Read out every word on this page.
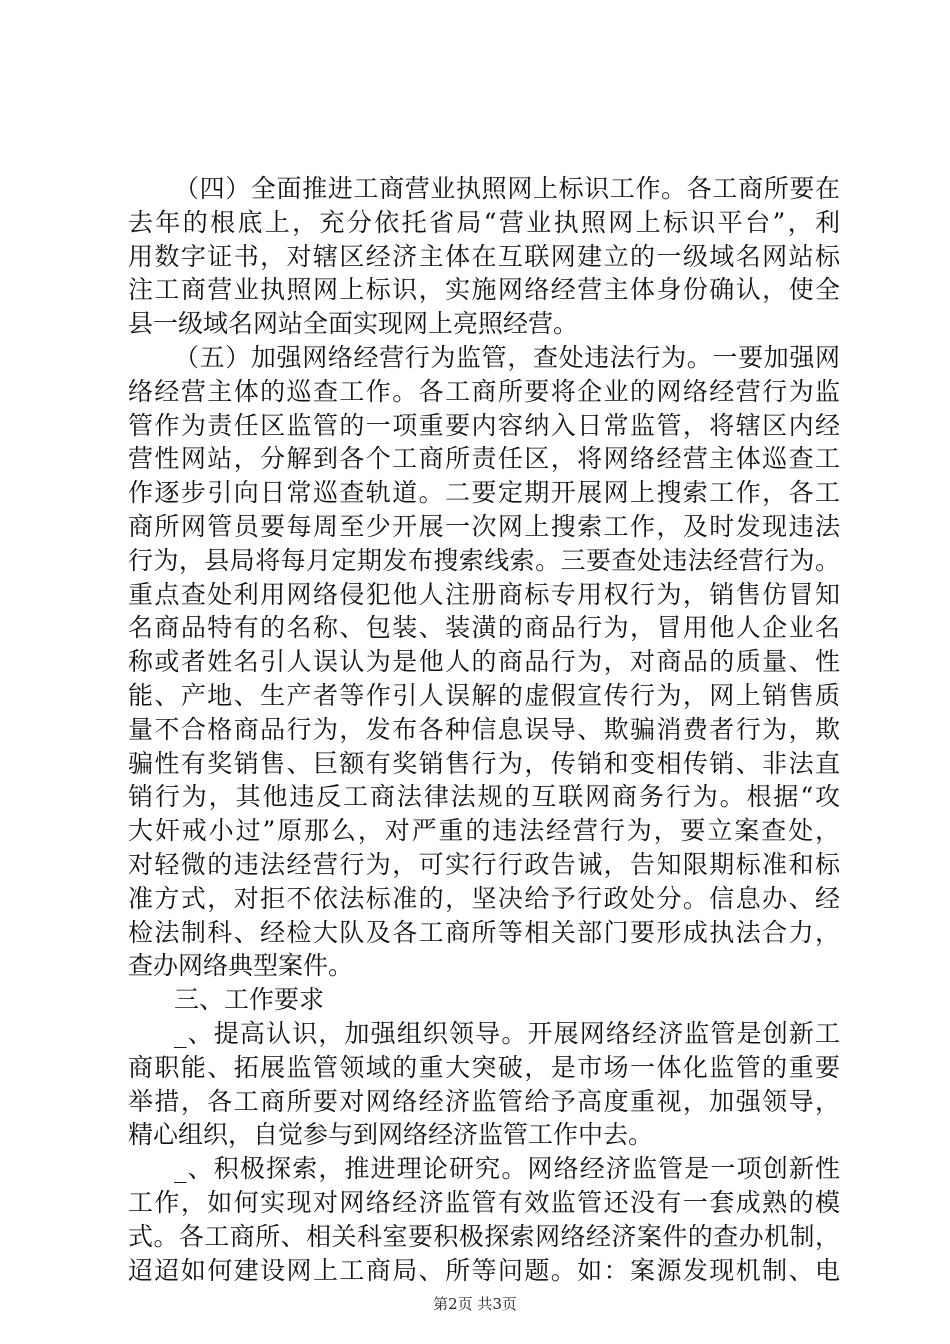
（四）全面推进工商营业执照网上标识工作。各工商所要在
去年的根底上，充分依托省局“营业执照网上标识平台”，利
用数字证书，对辖区经济主体在互联网建立的一级域名网站标
注工商营业执照网上标识，实施网络经营主体身份确认，使全
县一级域名网站全面实现网上亮照经营。
（五）加强网络经营行为监管，查处违法行为。一要加强网
络经营主体的巡查工作。各工商所要将企业的网络经营行为监
管作为责任区监管的一项重要内容纳入日常监管，将辖区内经
营性网站，分解到各个工商所责任区，将网络经营主体巡查工
作逐步引向日常巡查轨道。二要定期开展网上搜索工作，各工
商所网管员要每周至少开展一次网上搜索工作，及时发现违法
行为，县局将每月定期发布搜索线索。三要查处违法经营行为。
重点查处利用网络侵犯他人注册商标专用权行为，销售仿冒知
名商品特有的名称、包装、装潢的商品行为，冒用他人企业名
称或者姓名引人误认为是他人的商品行为，对商品的质量、性
能、产地、生产者等作引人误解的虚假宣传行为，网上销售质
量不合格商品行为，发布各种信息误导、欺骗消费者行为，欺
骗性有奖销售、巨额有奖销售行为，传销和变相传销、非法直
销行为，其他违反工商法律法规的互联网商务行为。根据“攻
大奸戒小过”原那么，对严重的违法经营行为，要立案查处，
对轻微的违法经营行为，可实行行政告诫，告知限期标准和标
准方式，对拒不依法标准的，坚决给予行政处分。信息办、经
检法制科、经检大队及各工商所等相关部门要形成执法合力，
查办网络典型案件。
三、工作要求
_、提高认识，加强组织领导。开展网络经济监管是创新工
商职能、拓展监管领域的重大突破，是市场一体化监管的重要
举措，各工商所要对网络经济监管给予高度重视，加强领导，
精心组织，自觉参与到网络经济监管工作中去。
_、积极探索，推进理论研究。网络经济监管是一项创新性
工作，如何实现对网络经济监管有效监管还没有一套成熟的模
式。各工商所、相关科室要积极探索网络经济案件的查办机制，
迢迢如何建设网上工商局、所等问题。如：案源发现机制、电
第2页 共3页
